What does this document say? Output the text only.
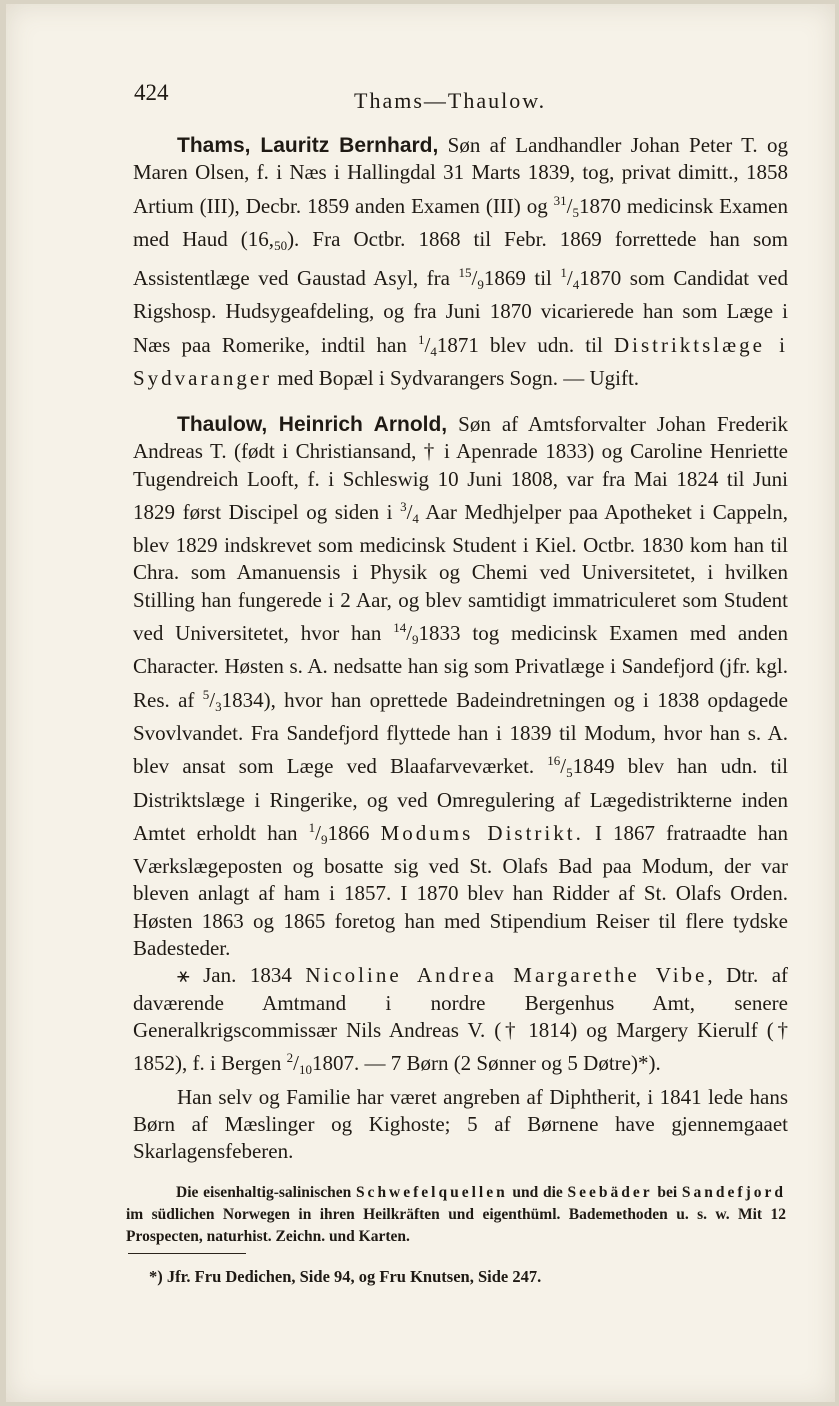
424	Thams—Thaulow.

Thams, Lauritz Bernhard, Søn af Landhandler Johan Peter T. og Maren Olsen, f. i Næs i Hallingdal 31 Marts 1839, tog, privat dimitt., 1858 Artium (III), Decbr. 1859 anden Examen (III) og $^{31}/_51870$ medicinsk Examen med Haud $(16,_{50})$. Fra Octbr. 1868 til Febr. 1869 forrettede han som Assistentlæge ved Gaustad Asyl, fra $^{15}/_91869$ til $^1/_41870$ som Candidat ved Rigshosp. Hudsygeafdeling, og fra Juni 1870 vicarierede han som Læge i Næs paa Romerike, indtil han $^1/_41871$ blev udn. til Distriktslæge i Sydvaranger med Bopæl i Sydvarangers Sogn. — Ugift.

Thaulow, Heinrich Arnold, Søn af Amtsforvalter Johan Frederik Andreas T. (født i Christiansand, † i Apenrade 1833) og Caroline Henriette Tugendreich Looft, f. i Schleswig 10 Juni 1808, var fra Mai 1824 til Juni 1829 først Discipel og siden i $^3/_4$ Aar Medhjelper paa Apotheket i Cappeln, blev 1829 indskrevet som medicinsk Student i Kiel. Octbr. 1830 kom han til Chra. som Amanuensis i Physik og Chemi ved Universitetet, i hvilken Stilling han fungerede i 2 Aar, og blev samtidigt immatriculeret som Student ved Universitetet, hvor han $^{14}/_91833$ tog medicinsk Examen med anden Character. Høsten s. A. nedsatte han sig som Privatlæge i Sandefjord (jfr. kgl. Res. af $^5/_31834$), hvor han oprettede Badeindretningen og i 1838 opdagede Svovlvandet. Fra Sandefjord flyttede han i 1839 til Modum, hvor han s. A. blev ansat som Læge ved Blaafarveværket. $^{16}/_51849$ blev han udn. til Distriktslæge i Ringerike, og ved Omregulering af Lægedistrikterne inden Amtet erholdt han $^1/_91866$ Modums Distrikt. I 1867 fratraadte han Værkslægeposten og bosatte sig ved St. Olafs Bad paa Modum, der var bleven anlagt af ham i 1857. I 1870 blev han Ridder af St. Olafs Orden. Høsten 1863 og 1865 foretog han med Stipendium Reiser til flere tydske Badesteder.

⚹ Jan. 1834 Nicoline Andrea Margarethe Vibe, Dtr. af daværende Amtmand i nordre Bergenhus Amt, senere Generalkrigscommissær Nils Andreas V. († 1814) og Margery Kierulf († 1852), f. i Bergen $^2/_{10}1807$. — 7 Børn (2 Sønner og 5 Døtre)*).

Han selv og Familie har været angreben af Diphtherit, i 1841 lede hans Børn af Mæslinger og Kighoste; 5 af Børnene have gjennemgaaet Skarlagensfeberen.

Die eisenhaltig-salinischen Schwefelquellen und die Seebäder bei Sandefjord im südlichen Norwegen in ihren Heilkräften und eigenthüml. Bademethoden u. s. w. Mit 12 Prospecten, naturhist. Zeichn. und Karten.
*) Jfr. Fru Dedichen, Side 94, og Fru Knutsen, Side 247.
